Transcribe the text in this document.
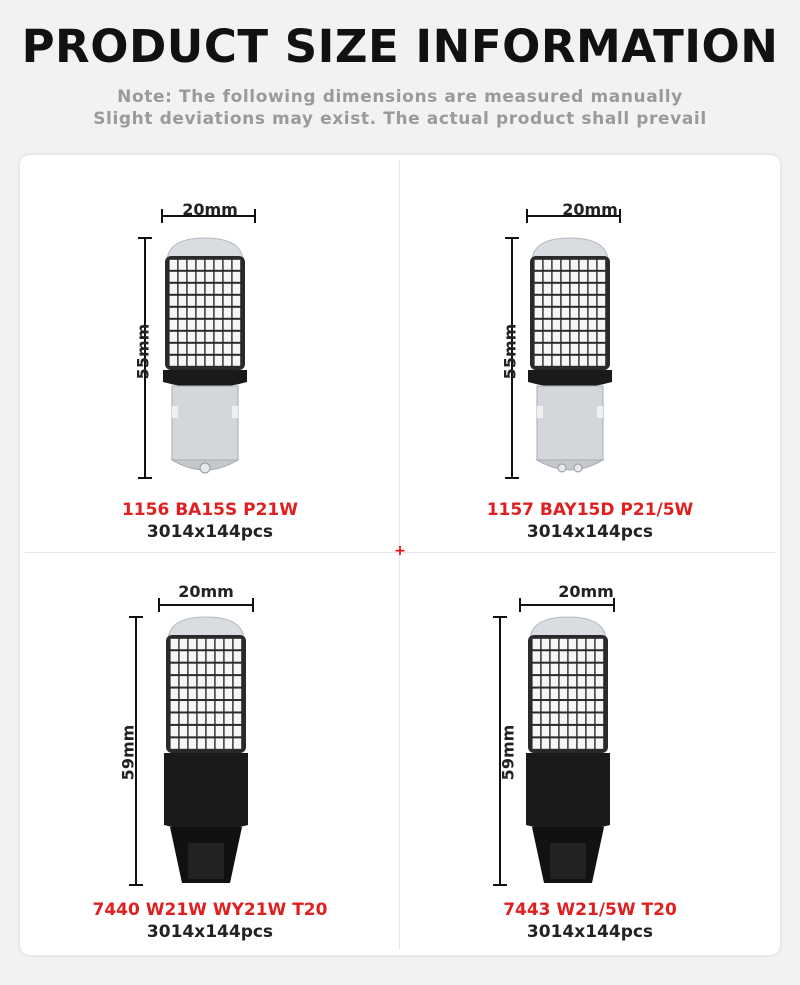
PRODUCT SIZE INFORMATION
Note: The following dimensions are measured manually
Slight deviations may exist. The actual product shall prevail
+
20mm
55mm
1156 BA15S P21W
3014x144pcs
20mm
55mm
1157 BAY15D P21/5W
3014x144pcs
20mm
59mm
7440 W21W WY21W T20
3014x144pcs
20mm
59mm
7443 W21/5W T20
3014x144pcs
